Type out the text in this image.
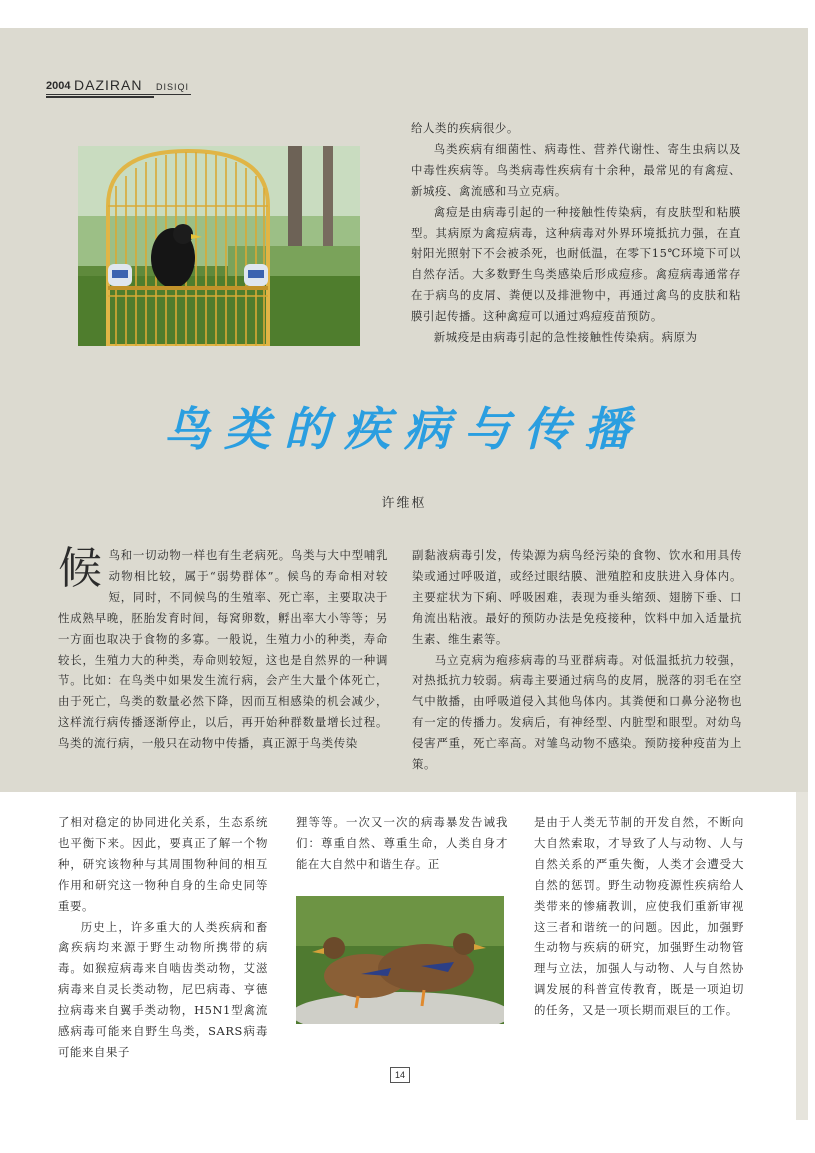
2004 DAZIRAN DISIQI

给人类的疾病很少。

鸟类疾病有细菌性、病毒性、营养代谢性、寄生虫病以及中毒性疾病等。鸟类病毒性疾病有十余种，最常见的有禽痘、新城疫、禽流感和马立克病。

禽痘是由病毒引起的一种接触性传染病，有皮肤型和粘膜型。其病原为禽痘病毒，这种病毒对外界环境抵抗力强，在直射阳光照射下不会被杀死，也耐低温，在零下15℃环境下可以自然存活。大多数野生鸟类感染后形成痘疹。禽痘病毒通常存在于病鸟的皮屑、粪便以及排泄物中，再通过禽鸟的皮肤和粘膜引起传播。这种禽痘可以通过鸡痘疫苗预防。

新城疫是由病毒引起的急性接触性传染病。病原为

鸟类的疾病与传播
许维枢
候 鸟和一切动物一样也有生老病死。鸟类与大中型哺乳动物相比较，属于“弱势群体”。候鸟的寿命相对较短，同时，不同候鸟的生殖率、死亡率，主要取决于性成熟早晚，胚胎发育时间，每窝卵数，孵出率大小等等；另一方面也取决于食物的多寡。一般说，生殖力小的种类，寿命较长，生殖力大的种类，寿命则较短，这也是自然界的一种调节。比如：在鸟类中如果发生流行病，会产生大量个体死亡，由于死亡，鸟类的数量必然下降，因而互相感染的机会减少，这样流行病传播逐渐停止，以后，再开始种群数量增长过程。鸟类的流行病，一般只在动物中传播，真正源于鸟类传染

副黏液病毒引发，传染源为病鸟经污染的食物、饮水和用具传染或通过呼吸道，或经过眼结膜、泄殖腔和皮肤进入身体内。主要症状为下痢、呼吸困难，表现为垂头缩颈、翅膀下垂、口角流出粘液。最好的预防办法是免疫接种，饮料中加入适量抗生素、维生素等。

马立克病为疱疹病毒的马亚群病毒。对低温抵抗力较强，对热抵抗力较弱。病毒主要通过病鸟的皮屑，脱落的羽毛在空气中散播，由呼吸道侵入其他鸟体内。其粪便和口鼻分泌物也有一定的传播力。发病后，有神经型、内脏型和眼型。对幼鸟侵害严重，死亡率高。对雏鸟动物不感染。预防接种疫苗为上策。

了相对稳定的协同进化关系，生态系统也平衡下来。因此，要真正了解一个物种，研究该物种与其周围物种间的相互作用和研究这一物种自身的生命史同等重要。

历史上，许多重大的人类疾病和畜禽疾病均来源于野生动物所携带的病毒。如猴痘病毒来自啮齿类动物，艾滋病毒来自灵长类动物，尼巴病毒、亨德拉病毒来自翼手类动物，H5N1型禽流感病毒可能来自野生鸟类，SARS病毒可能来自果子

狸等等。一次又一次的病毒暴发告诫我们：尊重自然、尊重生命，人类自身才能在大自然中和谐生存。正

是由于人类无节制的开发自然，不断向大自然索取，才导致了人与动物、人与自然关系的严重失衡，人类才会遭受大自然的惩罚。野生动物疫源性疾病给人类带来的惨痛教训，应使我们重新审视这三者和谐统一的问题。因此，加强野生动物与疾病的研究，加强野生动物管理与立法，加强人与动物、人与自然协调发展的科普宣传教育，既是一项迫切的任务，又是一项长期而艰巨的工作。

14
